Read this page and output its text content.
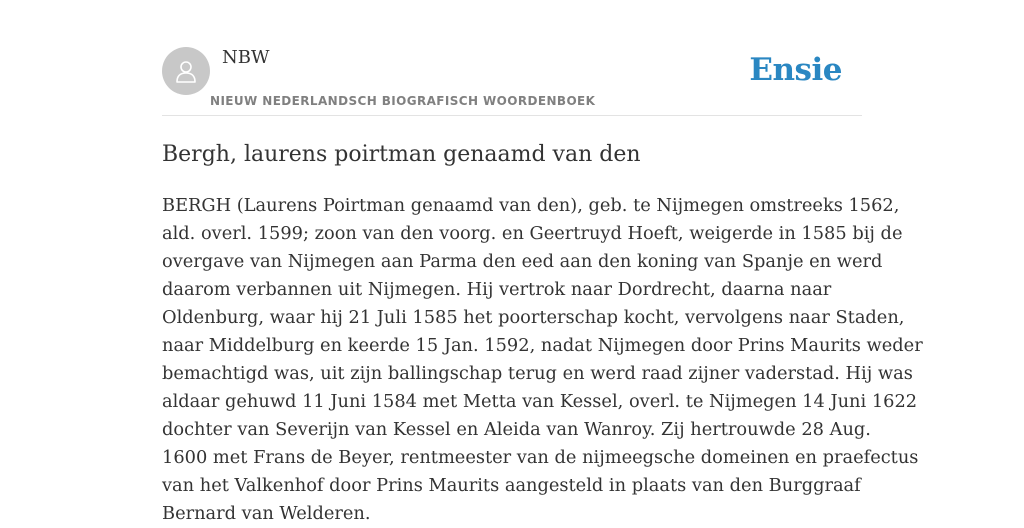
NBW
NIEUW NEDERLANDSCH BIOGRAFISCH WOORDENBOEK
Ensie
Bergh, laurens poirtman genaamd van den
BERGH (Laurens Poirtman genaamd van den), geb. te Nijmegen omstreeks 1562,
ald. overl. 1599; zoon van den voorg. en Geertruyd Hoeft, weigerde in 1585 bij de
overgave van Nijmegen aan Parma den eed aan den koning van Spanje en werd
daarom verbannen uit Nijmegen. Hij vertrok naar Dordrecht, daarna naar
Oldenburg, waar hij 21 Juli 1585 het poorterschap kocht, vervolgens naar Staden,
naar Middelburg en keerde 15 Jan. 1592, nadat Nijmegen door Prins Maurits weder
bemachtigd was, uit zijn ballingschap terug en werd raad zijner vaderstad. Hij was
aldaar gehuwd 11 Juni 1584 met Metta van Kessel, overl. te Nijmegen 14 Juni 1622
dochter van Severijn van Kessel en Aleida van Wanroy. Zij hertrouwde 28 Aug.
1600 met Frans de Beyer, rentmeester van de nijmeegsche domeinen en praefectus
van het Valkenhof door Prins Maurits aangesteld in plaats van den Burggraaf
Bernard van Welderen.
